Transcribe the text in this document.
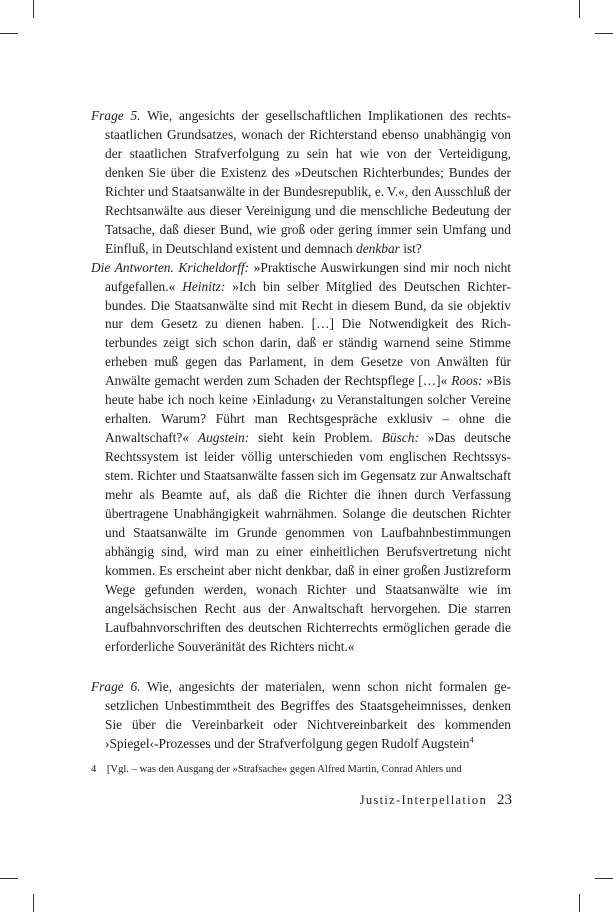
Frage 5. Wie, angesichts der gesellschaftlichen Implikationen des rechtsstaatlichen Grundsatzes, wonach der Richterstand ebenso unabhängig von der staatlichen Strafverfolgung zu sein hat wie von der Verteidigung, denken Sie über die Existenz des »Deutschen Richterbundes; Bundes der Richter und Staatsanwälte in der Bundesrepublik, e. V.«, den Ausschluß der Rechtsanwälte aus dieser Vereinigung und die menschliche Bedeutung der Tatsache, daß dieser Bund, wie groß oder gering immer sein Umfang und Einfluß, in Deutschland existent und demnach denkbar ist?

Die Antworten. Kricheldorff: »Praktische Auswirkungen sind mir noch nicht aufgefallen.« Heinitz: »Ich bin selber Mitglied des Deutschen Richterbundes. Die Staatsanwälte sind mit Recht in diesem Bund, da sie objektiv nur dem Gesetz zu dienen haben. […] Die Notwendigkeit des Richterbundes zeigt sich schon darin, daß er ständig warnend seine Stimme erheben muß gegen das Parlament, in dem Gesetze von Anwälten für Anwälte gemacht werden zum Schaden der Rechtspflege […]« Roos: »Bis heute habe ich noch keine ›Einladung‹ zu Veranstaltungen solcher Vereine erhalten. Warum? Führt man Rechtsgespräche exklusiv – ohne die Anwaltschaft?« Augstein: sieht kein Problem. Büsch: »Das deutsche Rechtssystem ist leider völlig unterschieden vom englischen Rechtssysstem. Richter und Staatsanwälte fassen sich im Gegensatz zur Anwaltschaft mehr als Beamte auf, als daß die Richter die ihnen durch Verfassung übertragene Unabhängigkeit wahrnähmen. Solange die deutschen Richter und Staatsanwälte im Grunde genommen von Laufbahnbestimmungen abhängig sind, wird man zu einer einheitlichen Berufsvertretung nicht kommen. Es erscheint aber nicht denkbar, daß in einer großen Justizreform Wege gefunden werden, wonach Richter und Staatsanwälte wie im angelsächsischen Recht aus der Anwaltschaft hervorgehen. Die starren Laufbahnvorschriften des deutschen Richterrechts ermöglichen gerade die erforderliche Souveränität des Richters nicht.«

Frage 6. Wie, angesichts der materialen, wenn schon nicht formalen gesetzlichen Unbestimmtheit des Begriffes des Staatsgeheimnisses, denken Sie über die Vereinbarkeit oder Nichtvereinbarkeit des kommenden ›Spiegel‹-Prozesses und der Strafverfolgung gegen Rudolf Augstein$^4$

4 [Vgl. – was den Ausgang der »Strafsache« gegen Alfred Martin, Conrad Ahlers und
Justiz-Interpellation 23
